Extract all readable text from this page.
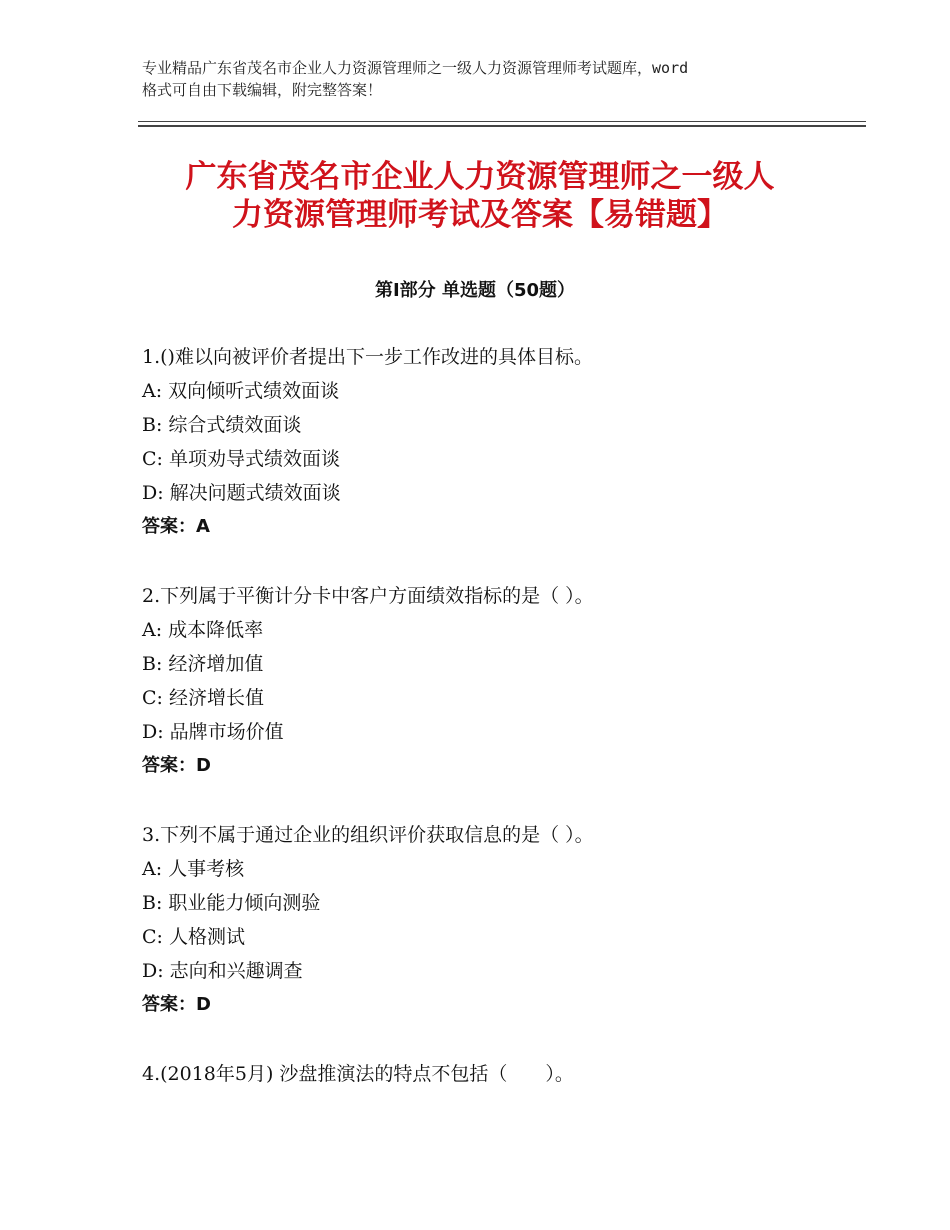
专业精品广东省茂名市企业人力资源管理师之一级人力资源管理师考试题库，word
格式可自由下载编辑，附完整答案！
广东省茂名市企业人力资源管理师之一级人
力资源管理师考试及答案【易错题】
第Ⅰ部分 单选题（50题）
1.()难以向被评价者提出下一步工作改进的具体目标。
A: 双向倾听式绩效面谈
B: 综合式绩效面谈
C: 单项劝导式绩效面谈
D: 解决问题式绩效面谈
答案：A
2.下列属于平衡计分卡中客户方面绩效指标的是（ ）。
A: 成本降低率
B: 经济增加值
C: 经济增长值
D: 品牌市场价值
答案：D
3.下列不属于通过企业的组织评价获取信息的是（ ）。
A: 人事考核
B: 职业能力倾向测验
C: 人格测试
D: 志向和兴趣调查
答案：D
4.(2018年5月) 沙盘推演法的特点不包括（　　）。
